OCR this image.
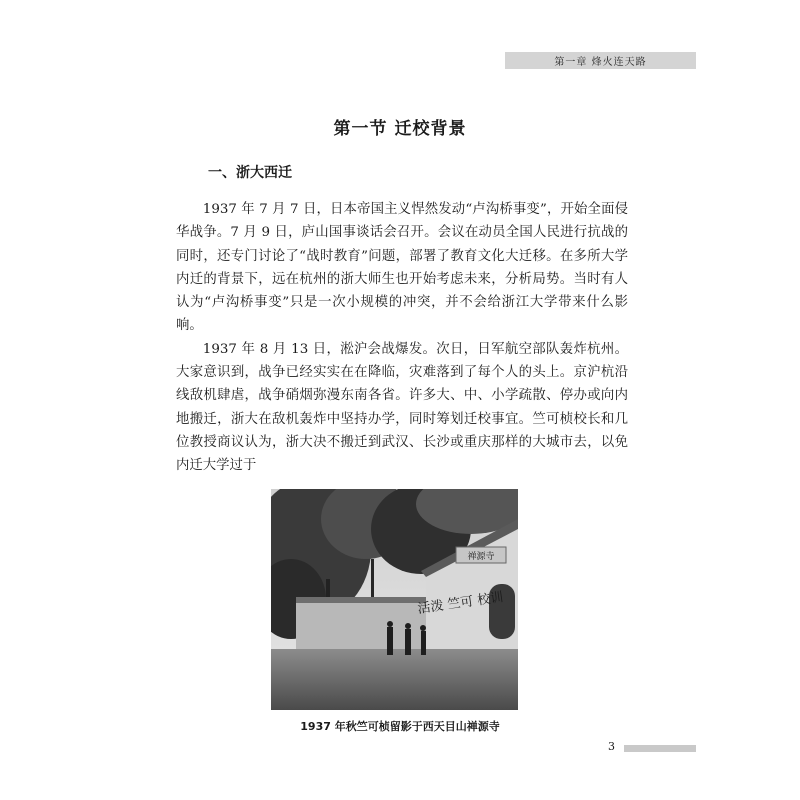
第一章 烽火连天路
第一节 迁校背景
一、浙大西迁

1937 年 7 月 7 日，日本帝国主义悍然发动“卢沟桥事变”，开始全面侵华战争。7 月 9 日，庐山国事谈话会召开。会议在动员全国人民进行抗战的同时，还专门讨论了“战时教育”问题，部署了教育文化大迁移。在多所大学内迁的背景下，远在杭州的浙大师生也开始考虑未来，分析局势。当时有人认为“卢沟桥事变”只是一次小规模的冲突，并不会给浙江大学带来什么影响。

1937 年 8 月 13 日，淞沪会战爆发。次日，日军航空部队轰炸杭州。大家意识到，战争已经实实在在降临，灾难落到了每个人的头上。京沪杭沿线敌机肆虐，战争硝烟弥漫东南各省。许多大、中、小学疏散、停办或向内地搬迁，浙大在敌机轰炸中坚持办学，同时筹划迁校事宜。竺可桢校长和几位教授商议认为，浙大决不搬迁到武汉、长沙或重庆那样的大城市去，以免内迁大学过于

禅源寺
活泼 竺可 校训
1937 年秋竺可桢留影于西天目山禅源寺
3
